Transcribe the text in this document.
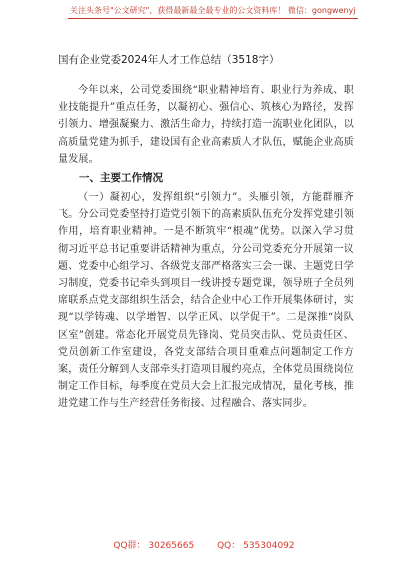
关注头条号"公文研究"，获得最新最全最专业的公文资料库！ 微信：gongwenyj
国有企业党委2024年人才工作总结（3518字）

今年以来，公司党委围绕“职业精神培育、职业行为养成、职业技能提升”重点任务，以凝初心、强信心、筑核心为路径，发挥引领力、增强凝聚力、激活生命力，持续打造一流职业化团队，以高质量党建为抓手，建设国有企业高素质人才队伍，赋能企业高质量发展。

一、主要工作情况

（一）凝初心，发挥组织“引领力”。头雁引领，方能群雁齐飞。分公司党委坚持打造党引领下的高素质队伍充分发挥党建引领作用，培育职业精神。一是不断筑牢“根魂”优势。以深入学习贯彻习近平总书记重要讲话精神为重点，分公司党委充分开展第一议题、党委中心组学习、各级党支部严格落实三会一课、主题党日学习制度，党委书记牵头到项目一线讲授专题党课，领导班子全员列席联系点党支部组织生活会，结合企业中心工作开展集体研讨，实现“以学铸魂、以学增智、以学正风、以学促干”。二是深推“岗队区室”创建。常态化开展党员先锋岗、党员突击队、党员责任区、党员创新工作室建设，各党支部结合项目重难点问题制定工作方案，责任分解到人支部牵头打造项目履约亮点，全体党员围绕岗位制定工作目标，每季度在党员大会上汇报完成情况，量化考核，推进党建工作与生产经营任务衔接、过程融合、落实同步。

QQ群： 30265665	QQ： 535304092
